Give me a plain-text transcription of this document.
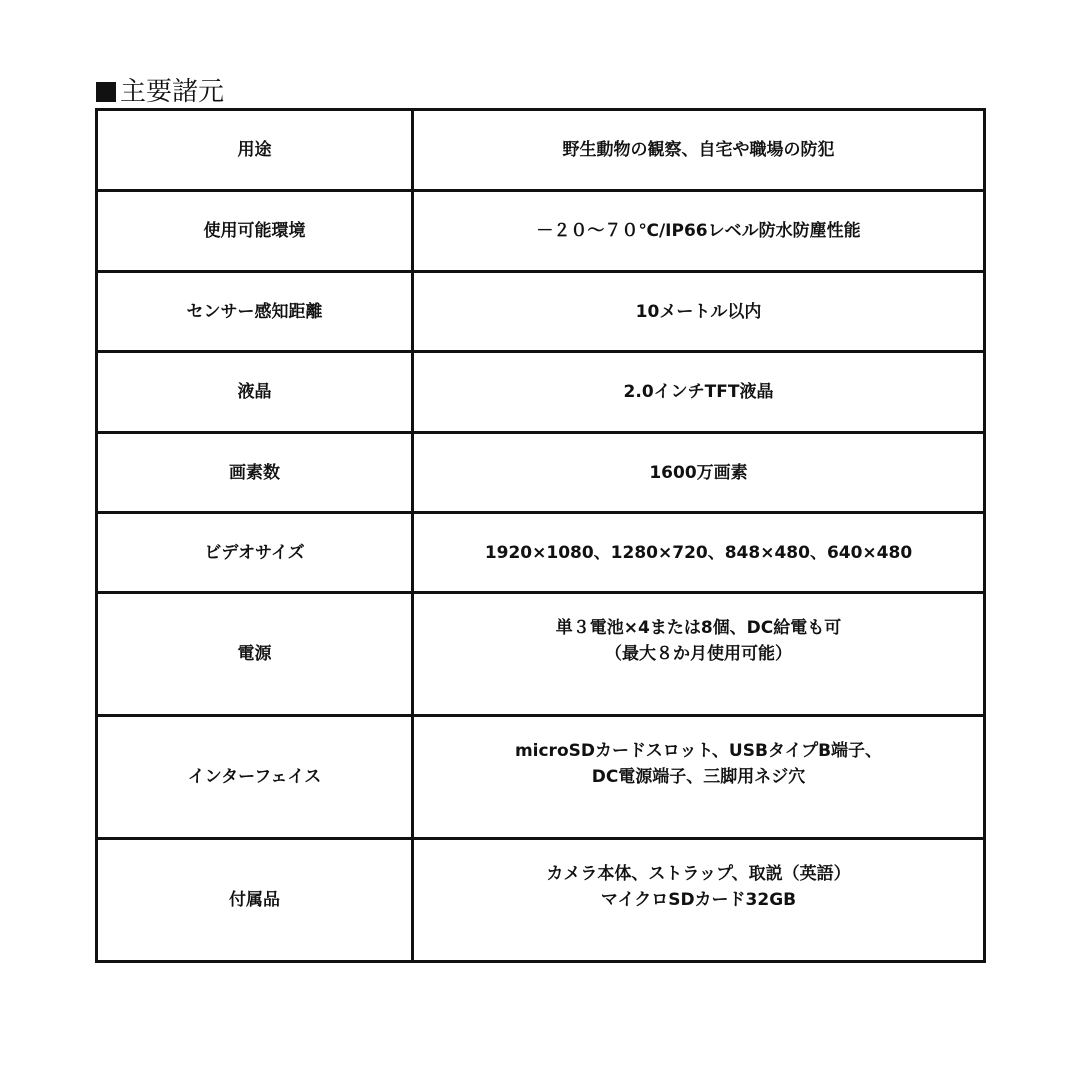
主要諸元
用途	野生動物の観察、自宅や職場の防犯

使用可能環境	－２０～７０℃/IP66レベル防水防塵性能

センサー感知距離	10メートル以内

液晶	2.0インチTFT液晶

画素数	1600万画素

ビデオサイズ	1920×1080、1280×720、848×480、640×480

電源	単３電池×4または8個、DC給電も可
（最大８か月使用可能）

インターフェイス	microSDカードスロット、USBタイプB端子、
DC電源端子、三脚用ネジ穴

付属品	カメラ本体、ストラップ、取説（英語）
マイクロSDカード32GB
